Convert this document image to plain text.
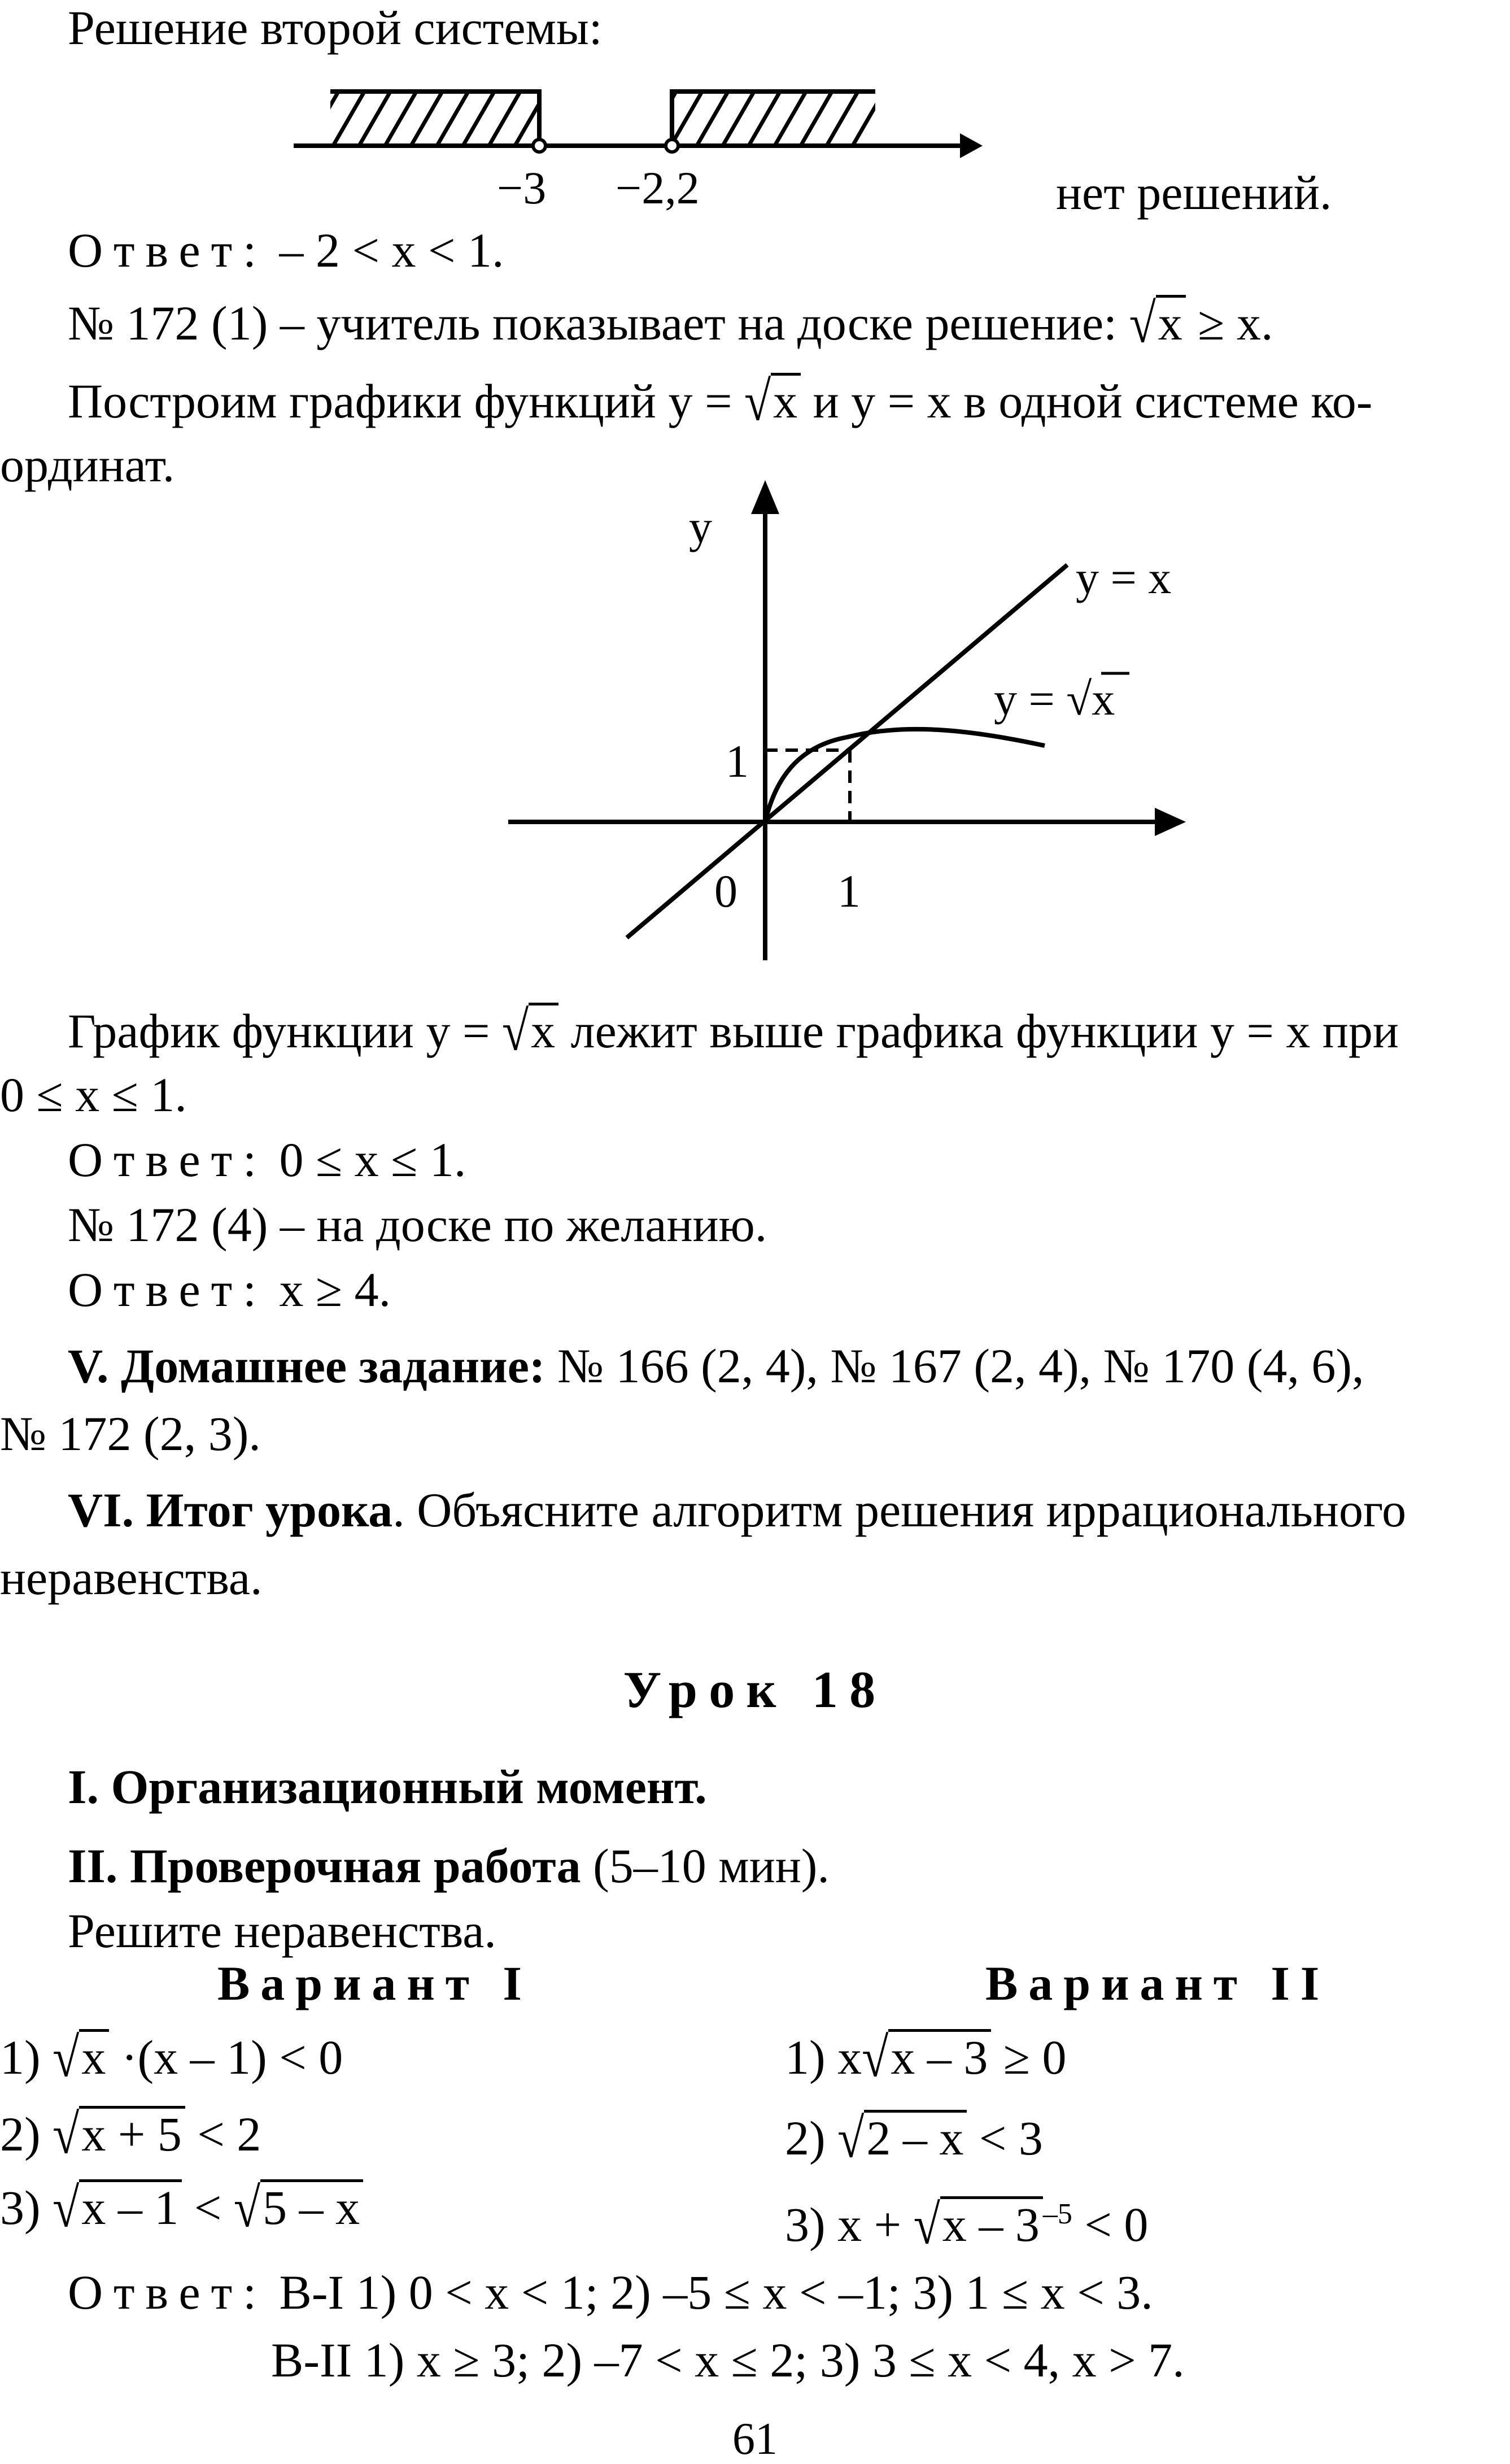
Решение второй системы:
−3 −2,2	нет решений.
Ответ: – 2 < x < 1.
№ 172 (1) – учитель показывает на доске решение: √x ≥ x.
Построим графики функций у = √x и у = x в одной системе ко-
ординат.
y
y = x
y = √x
1
0 1
График функции у = √x лежит выше графика функции у = x при
0 ≤ x ≤ 1.
Ответ: 0 ≤ x ≤ 1.
№ 172 (4) – на доске по желанию.
Ответ: x ≥ 4.
V. Домашнее задание: № 166 (2, 4), № 167 (2, 4), № 170 (4, 6),
№ 172 (2, 3).
VI. Итог урока. Объясните алгоритм решения иррационального
неравенства.
Урок 18
I. Организационный момент.
II. Проверочная работа (5–10 мин).
Решите неравенства.
Вариант I	Вариант II
1) √x ·(x – 1) < 0
2) √x + 5 < 2
3) √x – 1 < √5 – x
1) x√x – 3 ≥ 0
2) √2 – x < 3
3) x + √x – 3 $^{-5}$ < 0
Ответ: В-I 1) 0 < x < 1; 2) –5 ≤ x < –1; 3) 1 ≤ x < 3.
В-II 1) x ≥ 3; 2) –7 < x ≤ 2; 3) 3 ≤ x < 4, x > 7.
61
